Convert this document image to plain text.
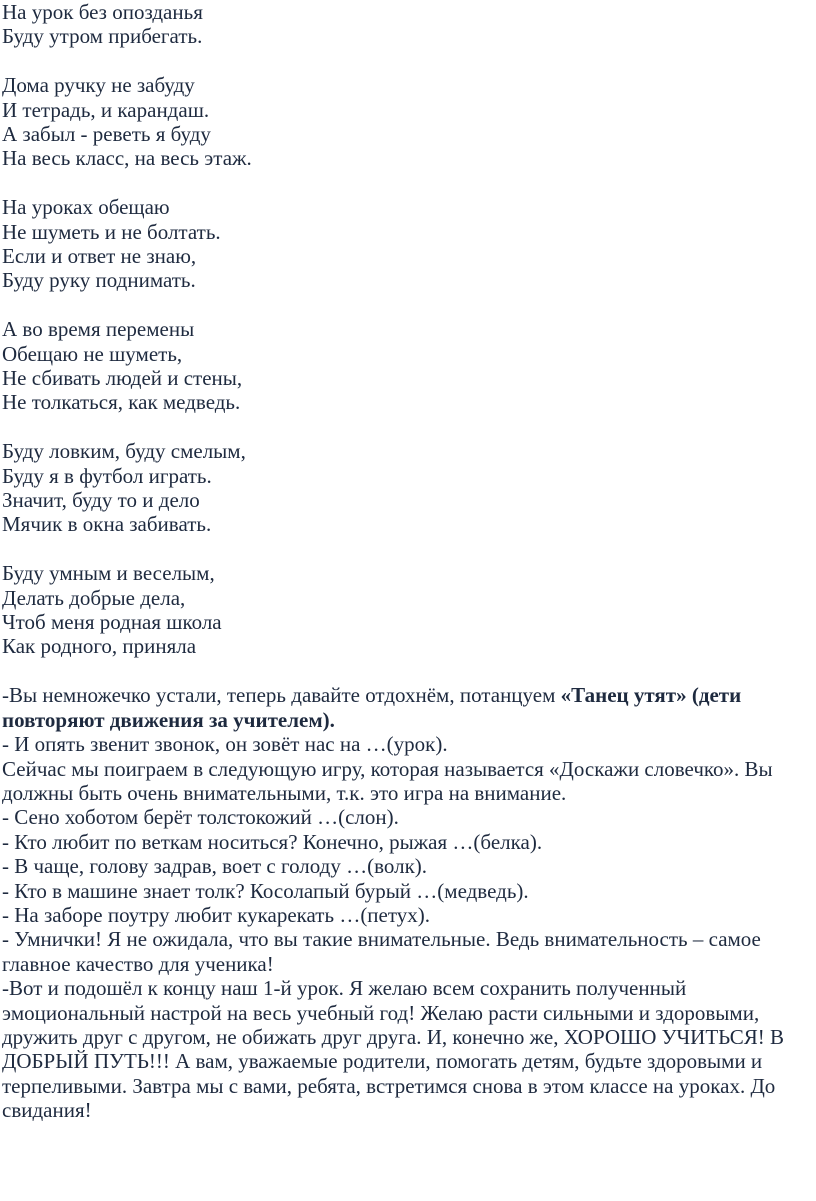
На урок без опозданья
Буду утром прибегать.
Дома ручку не забуду
И тетрадь, и карандаш.
А забыл - реветь я буду
На весь класс, на весь этаж.
На уроках обещаю
Не шуметь и не болтать.
Если и ответ не знаю,
Буду руку поднимать.
А во время перемены
Обещаю не шуметь,
Не сбивать людей и стены,
Не толкаться, как медведь.
Буду ловким, буду смелым,
Буду я в футбол играть.
Значит, буду то и дело
Мячик в окна забивать.
Буду умным и веселым,
Делать добрые дела,
Чтоб меня родная школа
Как родного, приняла

-Вы немножечко устали, теперь давайте отдохнём, потанцуем «Танец утят» (дети повторяют движения за учителем).

- И опять звенит звонок, он зовёт нас на …(урок).

Сейчас мы поиграем в следующую игру, которая называется «Доскажи словечко». Вы должны быть очень внимательными, т.к. это игра на внимание.

- Сено хоботом берёт толстокожий …(слон).

- Кто любит по веткам носиться? Конечно, рыжая …(белка).

- В чаще, голову задрав, воет с голоду …(волк).

- Кто в машине знает толк? Косолапый бурый …(медведь).

- На заборе поутру любит кукарекать …(петух).

- Умнички! Я не ожидала, что вы такие внимательные. Ведь внимательность – самое главное качество для ученика!

-Вот и подошёл к концу наш 1-й урок. Я желаю всем сохранить полученный эмоциональный настрой на весь учебный год! Желаю расти сильными и здоровыми, дружить друг с другом, не обижать друг друга. И, конечно же, ХОРОШО УЧИТЬСЯ! В ДОБРЫЙ ПУТЬ!!! А вам, уважаемые родители, помогать детям, будьте здоровыми и терпеливыми. Завтра мы с вами, ребята, встретимся снова в этом классе на уроках. До свидания!
